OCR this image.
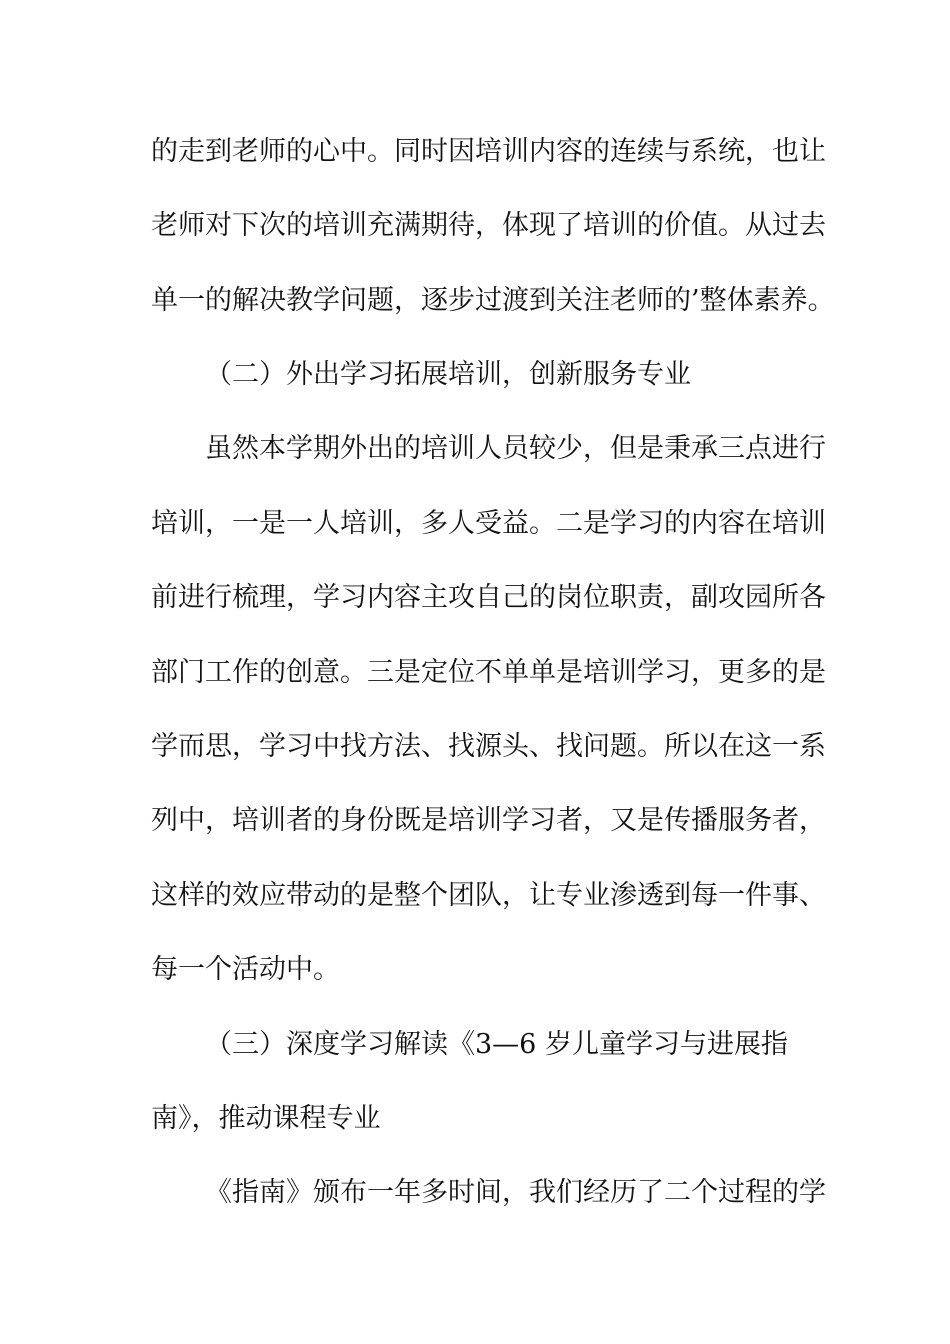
的走到老师的心中。同时因培训内容的连续与系统，也让
老师对下次的培训充满期待，体现了培训的价值。从过去
单一的解决教学问题，逐步过渡到关注老师的’整体素养。
（二）外出学习拓展培训，创新服务专业
虽然本学期外出的培训人员较少，但是秉承三点进行
培训，一是一人培训，多人受益。二是学习的内容在培训
前进行梳理，学习内容主攻自己的岗位职责，副攻园所各
部门工作的创意。三是定位不单单是培训学习，更多的是
学而思，学习中找方法、找源头、找问题。所以在这一系
列中，培训者的身份既是培训学习者，又是传播服务者，
这样的效应带动的是整个团队，让专业渗透到每一件事、
每一个活动中。
（三）深度学习解读《3—6 岁儿童学习与进展指
南》，推动课程专业
《指南》颁布一年多时间，我们经历了二个过程的学
